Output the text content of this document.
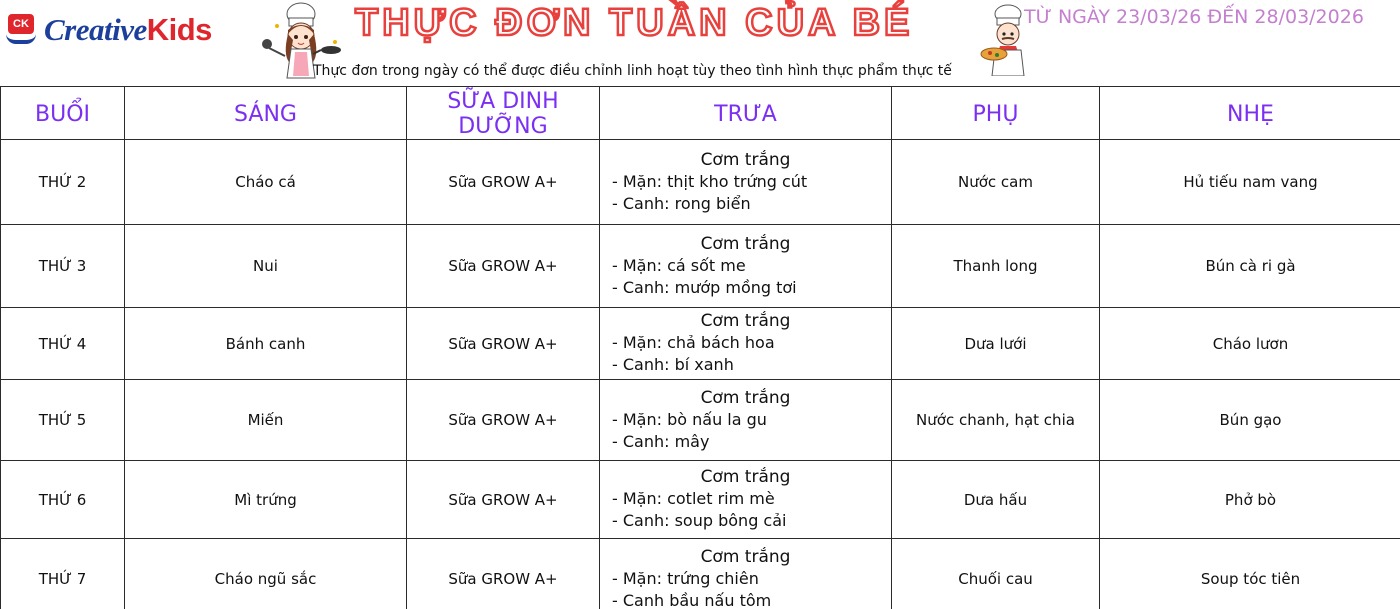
CK CreativeKids	THỰC ĐƠN TUẦN CỦA BÉ	TỪ NGÀY 23/03/26 ĐẾN 28/03/2026
Thực đơn trong ngày có thể được điều chỉnh linh hoạt tùy theo tình hình thực phẩm thực tế
BUỔI	SÁNG	SỮA DINH DƯỠNG	TRƯA	PHỤ	NHẸ
THỨ 2	Cháo cá	Sữa GROW A+	Cơm trắng
- Mặn: thịt kho trứng cút
- Canh: rong biển	Nước cam	Hủ tiếu nam vang
THỨ 3	Nui	Sữa GROW A+	Cơm trắng
- Mặn: cá sốt me
- Canh: mướp mồng tơi	Thanh long	Bún cà ri gà
THỨ 4	Bánh canh	Sữa GROW A+	Cơm trắng
- Mặn: chả bách hoa
- Canh: bí xanh	Dưa lưới	Cháo lươn
THỨ 5	Miến	Sữa GROW A+	Cơm trắng
- Mặn: bò nấu la gu
- Canh: mây	Nước chanh, hạt chia	Bún gạo
THỨ 6	Mì trứng	Sữa GROW A+	Cơm trắng
- Mặn: cotlet rim mè
- Canh: soup bông cải	Dưa hấu	Phở bò
THỨ 7	Cháo ngũ sắc	Sữa GROW A+	Cơm trắng
- Mặn: trứng chiên
- Canh bầu nấu tôm	Chuối cau	Soup tóc tiên
